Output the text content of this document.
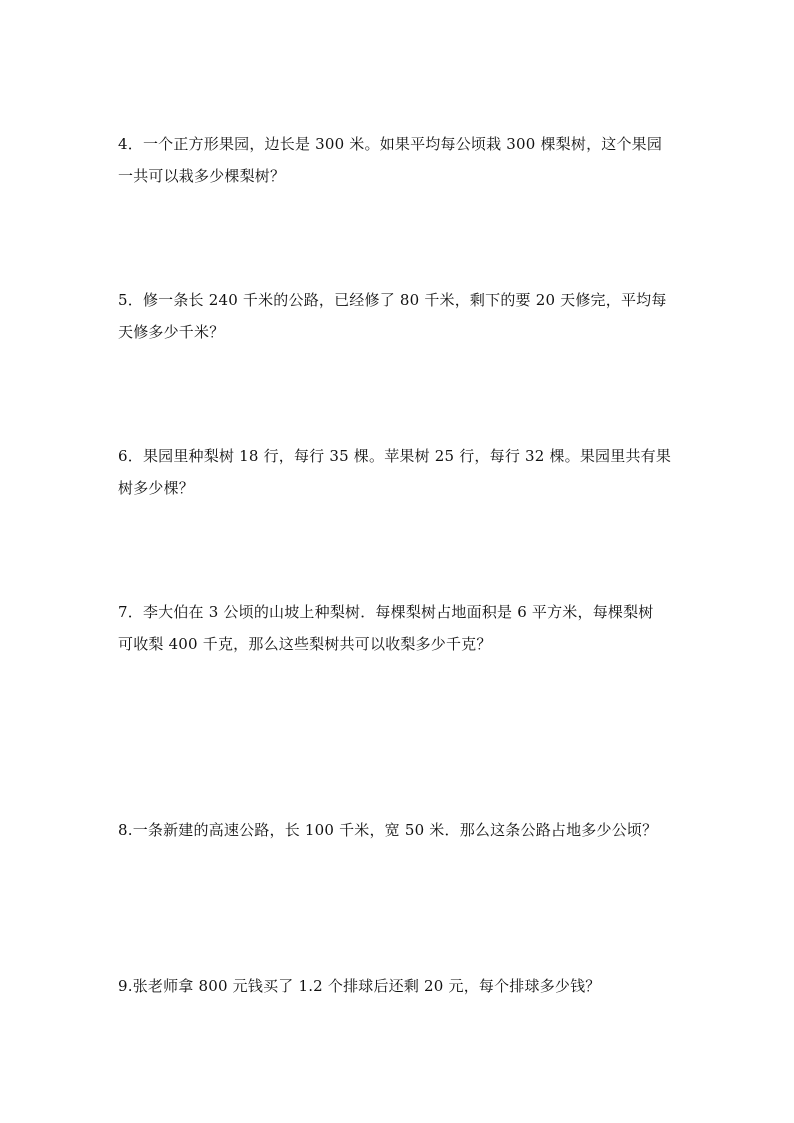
4．一个正方形果园，边长是 300 米。如果平均每公顷栽 300 棵梨树，这个果园
一共可以栽多少棵梨树？
5．修一条长 240 千米的公路，已经修了 80 千米，剩下的要 20 天修完，平均每
天修多少千米？
6．果园里种梨树 18 行，每行 35 棵。苹果树 25 行，每行 32 棵。果园里共有果
树多少棵？
7．李大伯在 3 公顷的山坡上种梨树．每棵梨树占地面积是 6 平方米，每棵梨树
可收梨 400 千克，那么这些梨树共可以收梨多少千克？
8.一条新建的高速公路，长 100 千米，宽 50 米．那么这条公路占地多少公顷？
9.张老师拿 800 元钱买了 1.2 个排球后还剩 20 元，每个排球多少钱？
